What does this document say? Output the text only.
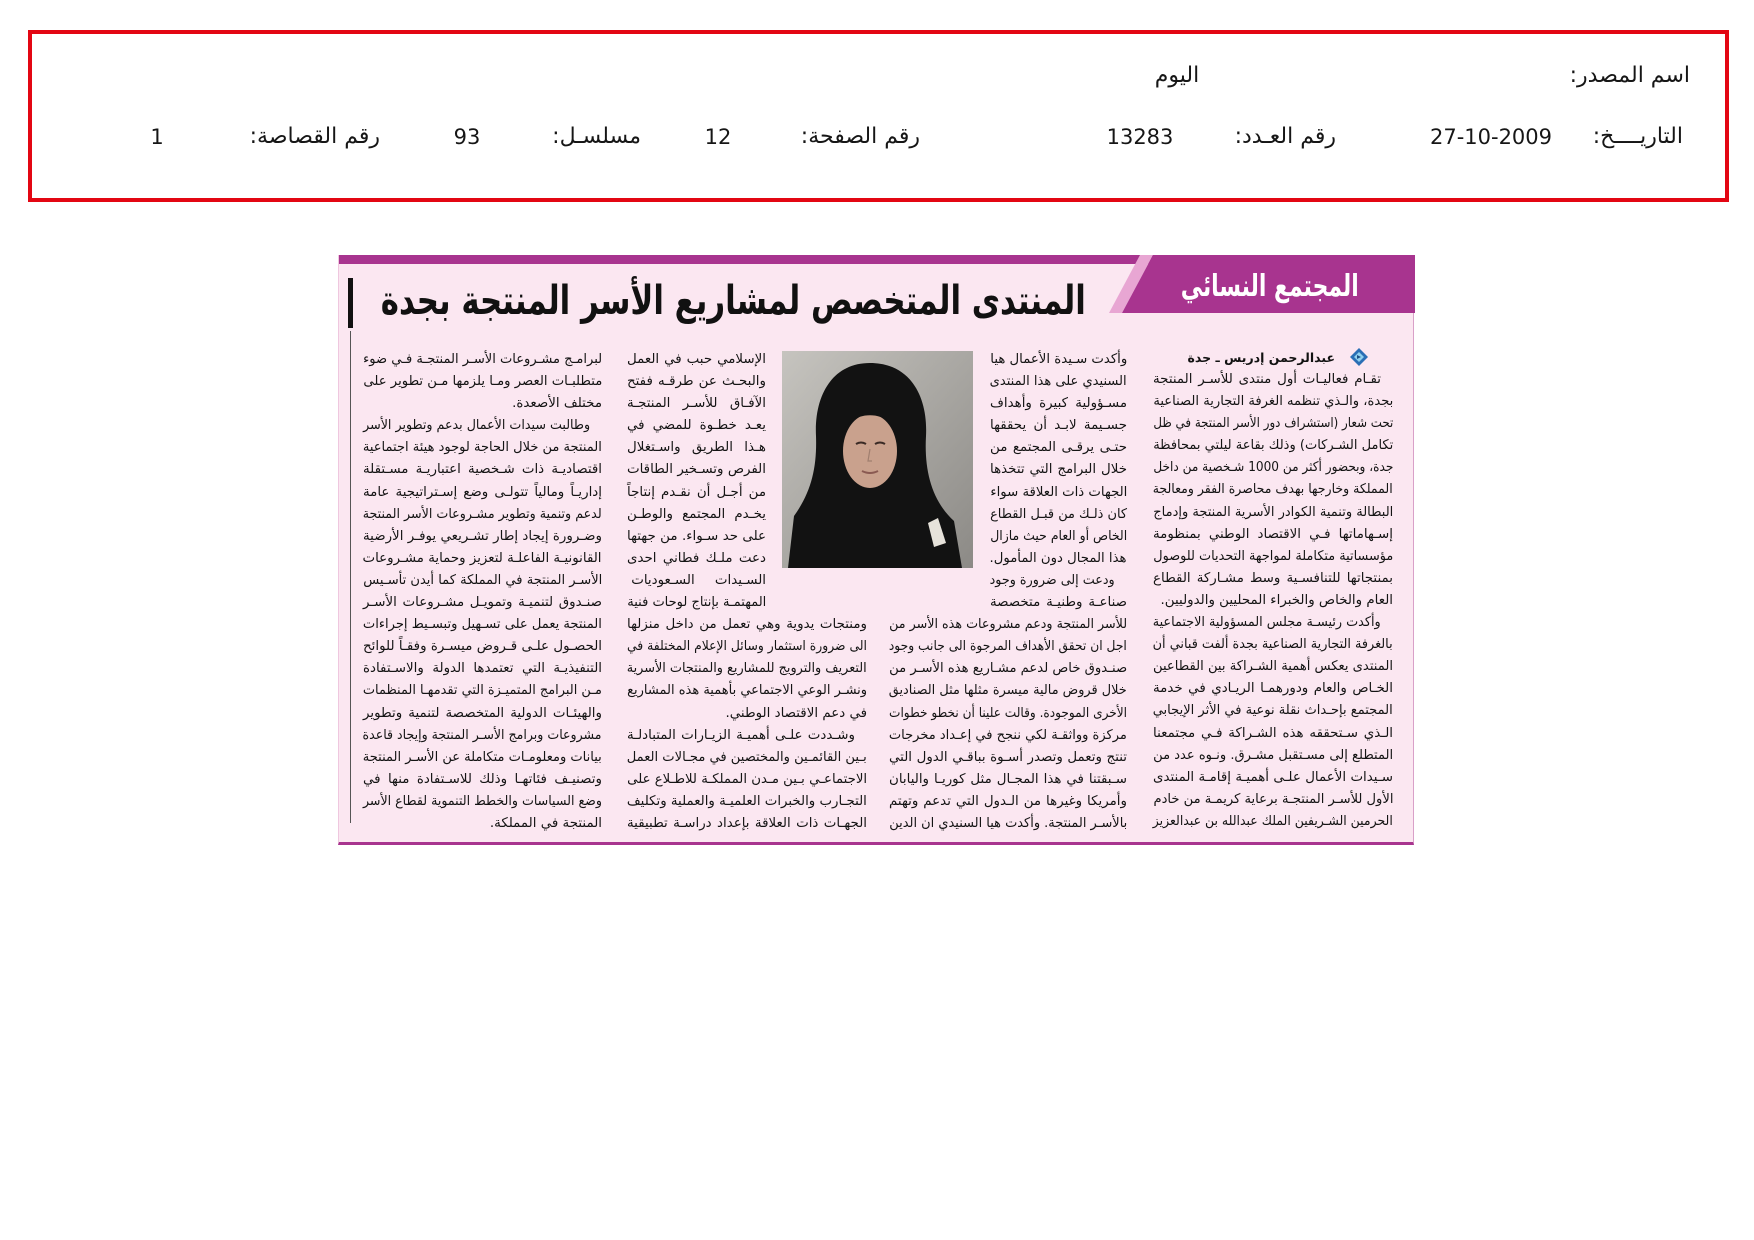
اسم المصدر:
اليوم
التاريــــخ:
27-10-2009
رقم العـدد:
13283
رقم الصفحة:
12
مسلسـل:
93
رقم القصاصة:
1
المجتمع النسائي
المنتدى المتخصص لمشاريع الأسر المنتجة بجدة
عبدالرحمن إدريس ـ جدة
تقـام فعاليـات أول منتدى للأسـر المنتجة
بجدة، والـذي تنظمه الغرفة التجارية الصناعية
تحت شعار (استشراف دور الأسر المنتجة في ظل
تكامل الشـركات) وذلك بقاعة ليلتي بمحافظة
جدة، وبحضور أكثر من 1000 شـخصية من داخل
المملكة وخارجها بهدف محاصرة الفقر ومعالجة
البطالة وتنمية الكوادر الأسرية المنتجة وإدماج
إسـهاماتها فـي الاقتصاد الوطني بمنظومة
مؤسساتية متكاملة لمواجهة التحديات للوصول
بمنتجاتها للتنافسـية وسط مشـاركة القطاع
العام والخاص والخبراء المحليين والدوليين.
وأكدت رئيسـة مجلس المسؤولية الاجتماعية
بالغرفة التجارية الصناعية بجدة ألفت قباني أن
المنتدى يعكس أهمية الشـراكة بين القطاعين
الخـاص والعام ودورهمـا الريـادي في خدمة
المجتمع بإحـداث نقلة نوعية في الأثر الإيجابي
الـذي سـتحققه هذه الشـراكة فـي مجتمعنا
المتطلع إلى مسـتقبل مشـرق. ونـوه عدد من
سـيدات الأعمال علـى أهميـة إقامـة المنتدى
الأول للأسـر المنتجـة برعاية كريمـة من خادم
الحرمين الشـريفين الملك عبدالله بن عبدالعزيز
وأكدت سـيدة الأعمال هيا
السنيدي على هذا المنتدى
مسـؤولية كبيرة وأهداف
جسـيمة لابـد أن يحققها
حتـى يرقـى المجتمع من
خلال البرامج التي تتخذها
الجهات ذات العلاقة سواء
كان ذلـك من قبـل القطاع
الخاص أو العام حيث مازال
هذا المجال دون المأمول.
ودعت إلى ضرورة وجود
صناعـة وطنيـة متخصصة
للأسر المنتجة ودعم مشروعات هذه الأسر من
اجل ان تحقق الأهداف المرجوة الى جانب وجود
صنـدوق خاص لدعم مشـاريع هذه الأسـر من
خلال قروض مالية ميسرة مثلها مثل الصناديق
الأخرى الموجودة. وقالت علينا أن نخطو خطوات
مركزة وواثقـة لكي ننجح في إعـداد مخرجات
تنتج وتعمل وتصدر أسـوة بباقـي الدول التي
سـبقتنا في هذا المجـال مثل كوريـا واليابان
وأمريكا وغيرها من الـدول التي تدعم وتهتم
بالأسـر المنتجة. وأكدت هيا السنيدي ان الدين
الإسلامي حبب في العمل
والبحـث عن طرقـه ففتح
الآفـاق للأسـر المنتجـة
يعـد خطـوة للمضي في
هـذا الطريق واسـتغلال
الفرص وتسـخير الطاقات
من أجـل أن نقـدم إنتاجاً
يخـدم المجتمع والوطـن
على حد سـواء. من جهتها
دعت ملـك فطاني احدى
السـيدات السـعوديات
المهتمـة بإنتاج لوحات فنية
ومنتجات يدوية وهي تعمل من داخل منزلها
الى ضرورة استثمار وسائل الإعلام المختلفة في
التعريف والترويج للمشاريع والمنتجات الأسرية
ونشـر الوعي الاجتماعي بأهمية هذه المشاريع
في دعم الاقتصاد الوطني.
وشـددت علـى أهميـة الزيـارات المتبادلـة
بـين القائمـين والمختصين في مجـالات العمل
الاجتماعـي بـين مـدن المملكـة للاطـلاع على
التجـارب والخبرات العلميـة والعملية وتكليف
الجهـات ذات العلاقة بإعداد دراسـة تطبيقية
لبرامـج مشـروعات الأسـر المنتجـة فـي ضوء
متطلبـات العصر ومـا يلزمها مـن تطوير على
مختلف الأصعدة.
وطالبت سيدات الأعمال بدعم وتطوير الأسر
المنتجة من خلال الحاجة لوجود هيئة اجتماعية
اقتصاديـة ذات شـخصية اعتباريـة مسـتقلة
إداريـاً ومالياً تتولـى وضع إسـتراتيجية عامة
لدعم وتنمية وتطوير مشـروعات الأسر المنتجة
وضـرورة إيجاد إطار تشـريعي يوفـر الأرضية
القانونيـة الفاعلـة لتعزيز وحماية مشـروعات
الأسـر المنتجة في المملكة كما أيدن تأسـيس
صنـدوق لتنميـة وتمويـل مشـروعات الأسـر
المنتجة يعمل على تسـهيل وتبسـيط إجراءات
الحصـول علـى قـروض ميسـرة وفقـاً للوائح
التنفيذيـة التي تعتمدها الدولة والاسـتفادة
مـن البرامج المتميـزة التي تقدمهـا المنظمات
والهيئـات الدولية المتخصصة لتنمية وتطوير
مشروعات وبرامج الأسـر المنتجة وإيجاد قاعدة
بيانات ومعلومـات متكاملة عن الأسـر المنتجة
وتصنيـف فئاتهـا وذلك للاسـتفادة منها في
وضع السياسات والخطط التنموية لقطاع الأسر
المنتجة في المملكة.
